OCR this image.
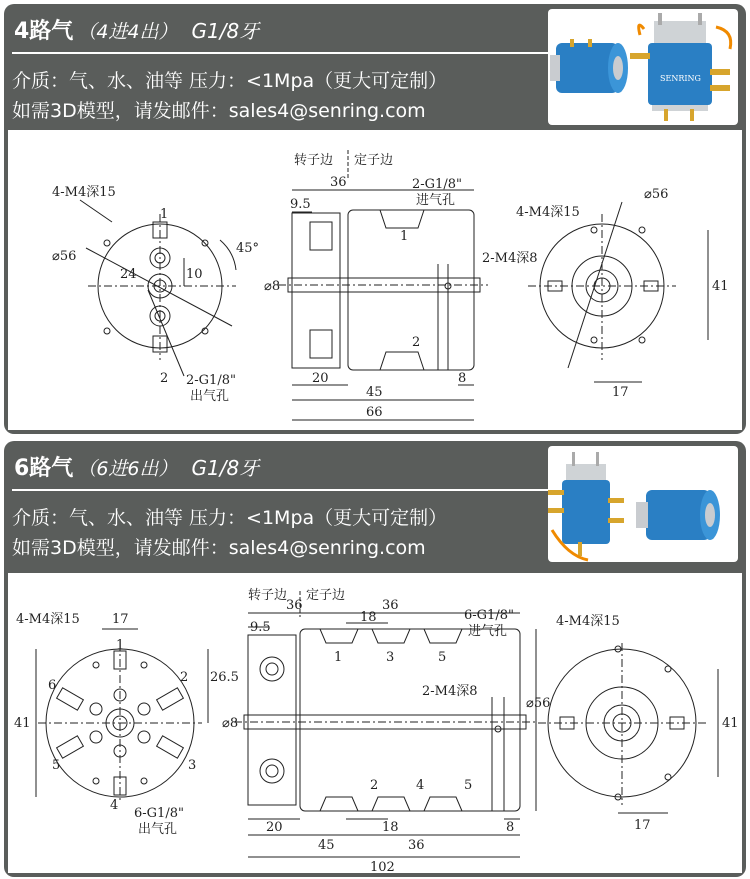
4路气 （4进4出） G1/8牙
介质：气、水、油等 压力：<1Mpa（更大可定制）
如需3D模型，请发邮件：sales4@senring.com
SENRING
转子边 定子边
4-M4深15
⌀56
24	10
45°
1
2 2-G1/8"
出气孔
36
9.5
2-G1/8"
进气孔
1
⌀8
2-M4深8
2
20
45
8
66
4-M4深15
⌀56
41
17
6路气 （6进6出） G1/8牙
介质：气、水、油等 压力：<1Mpa（更大可定制）
如需3D模型，请发邮件：sales4@senring.com
转子边 定子边
4-M4深15 17
41
26.5
1
2
3
4
5
6
6-G1/8"
出气孔
9.5
36	36
18	6-G1/8"
进气孔
1	3	5
2-M4深8
⌀8
⌀56
2	4	5
18
20
45	36
8
102
4-M4深15
41
17
